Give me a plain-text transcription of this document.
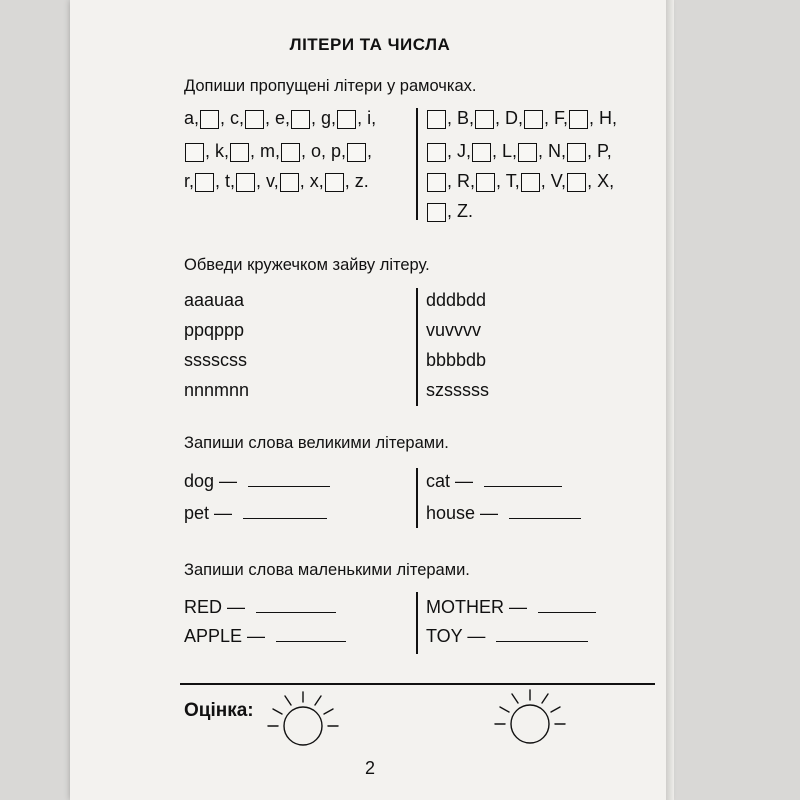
ЛІТЕРИ ТА ЧИСЛА
Допиши пропущені літери у рамочках.
a, , c, , e, , g, , i,
, k, , m, , o, p, ,
r, , t, , v, , x, , z.
, B, , D, , F, , H,
, J, , L, , N, , P,
, R, , T, , V, , X,
, Z.
Обведи кружечком зайву літеру.
aaauaa
ppqppp
sssscss
nnnmnn
dddbdd
vuvvvv
bbbbdb
szsssss
Запиши слова великими літерами.
dog —
pet —
cat —
house —
Запиши слова маленькими літерами.
RED —
APPLE —
MOTHER —
TOY —
Оцінка:
2
